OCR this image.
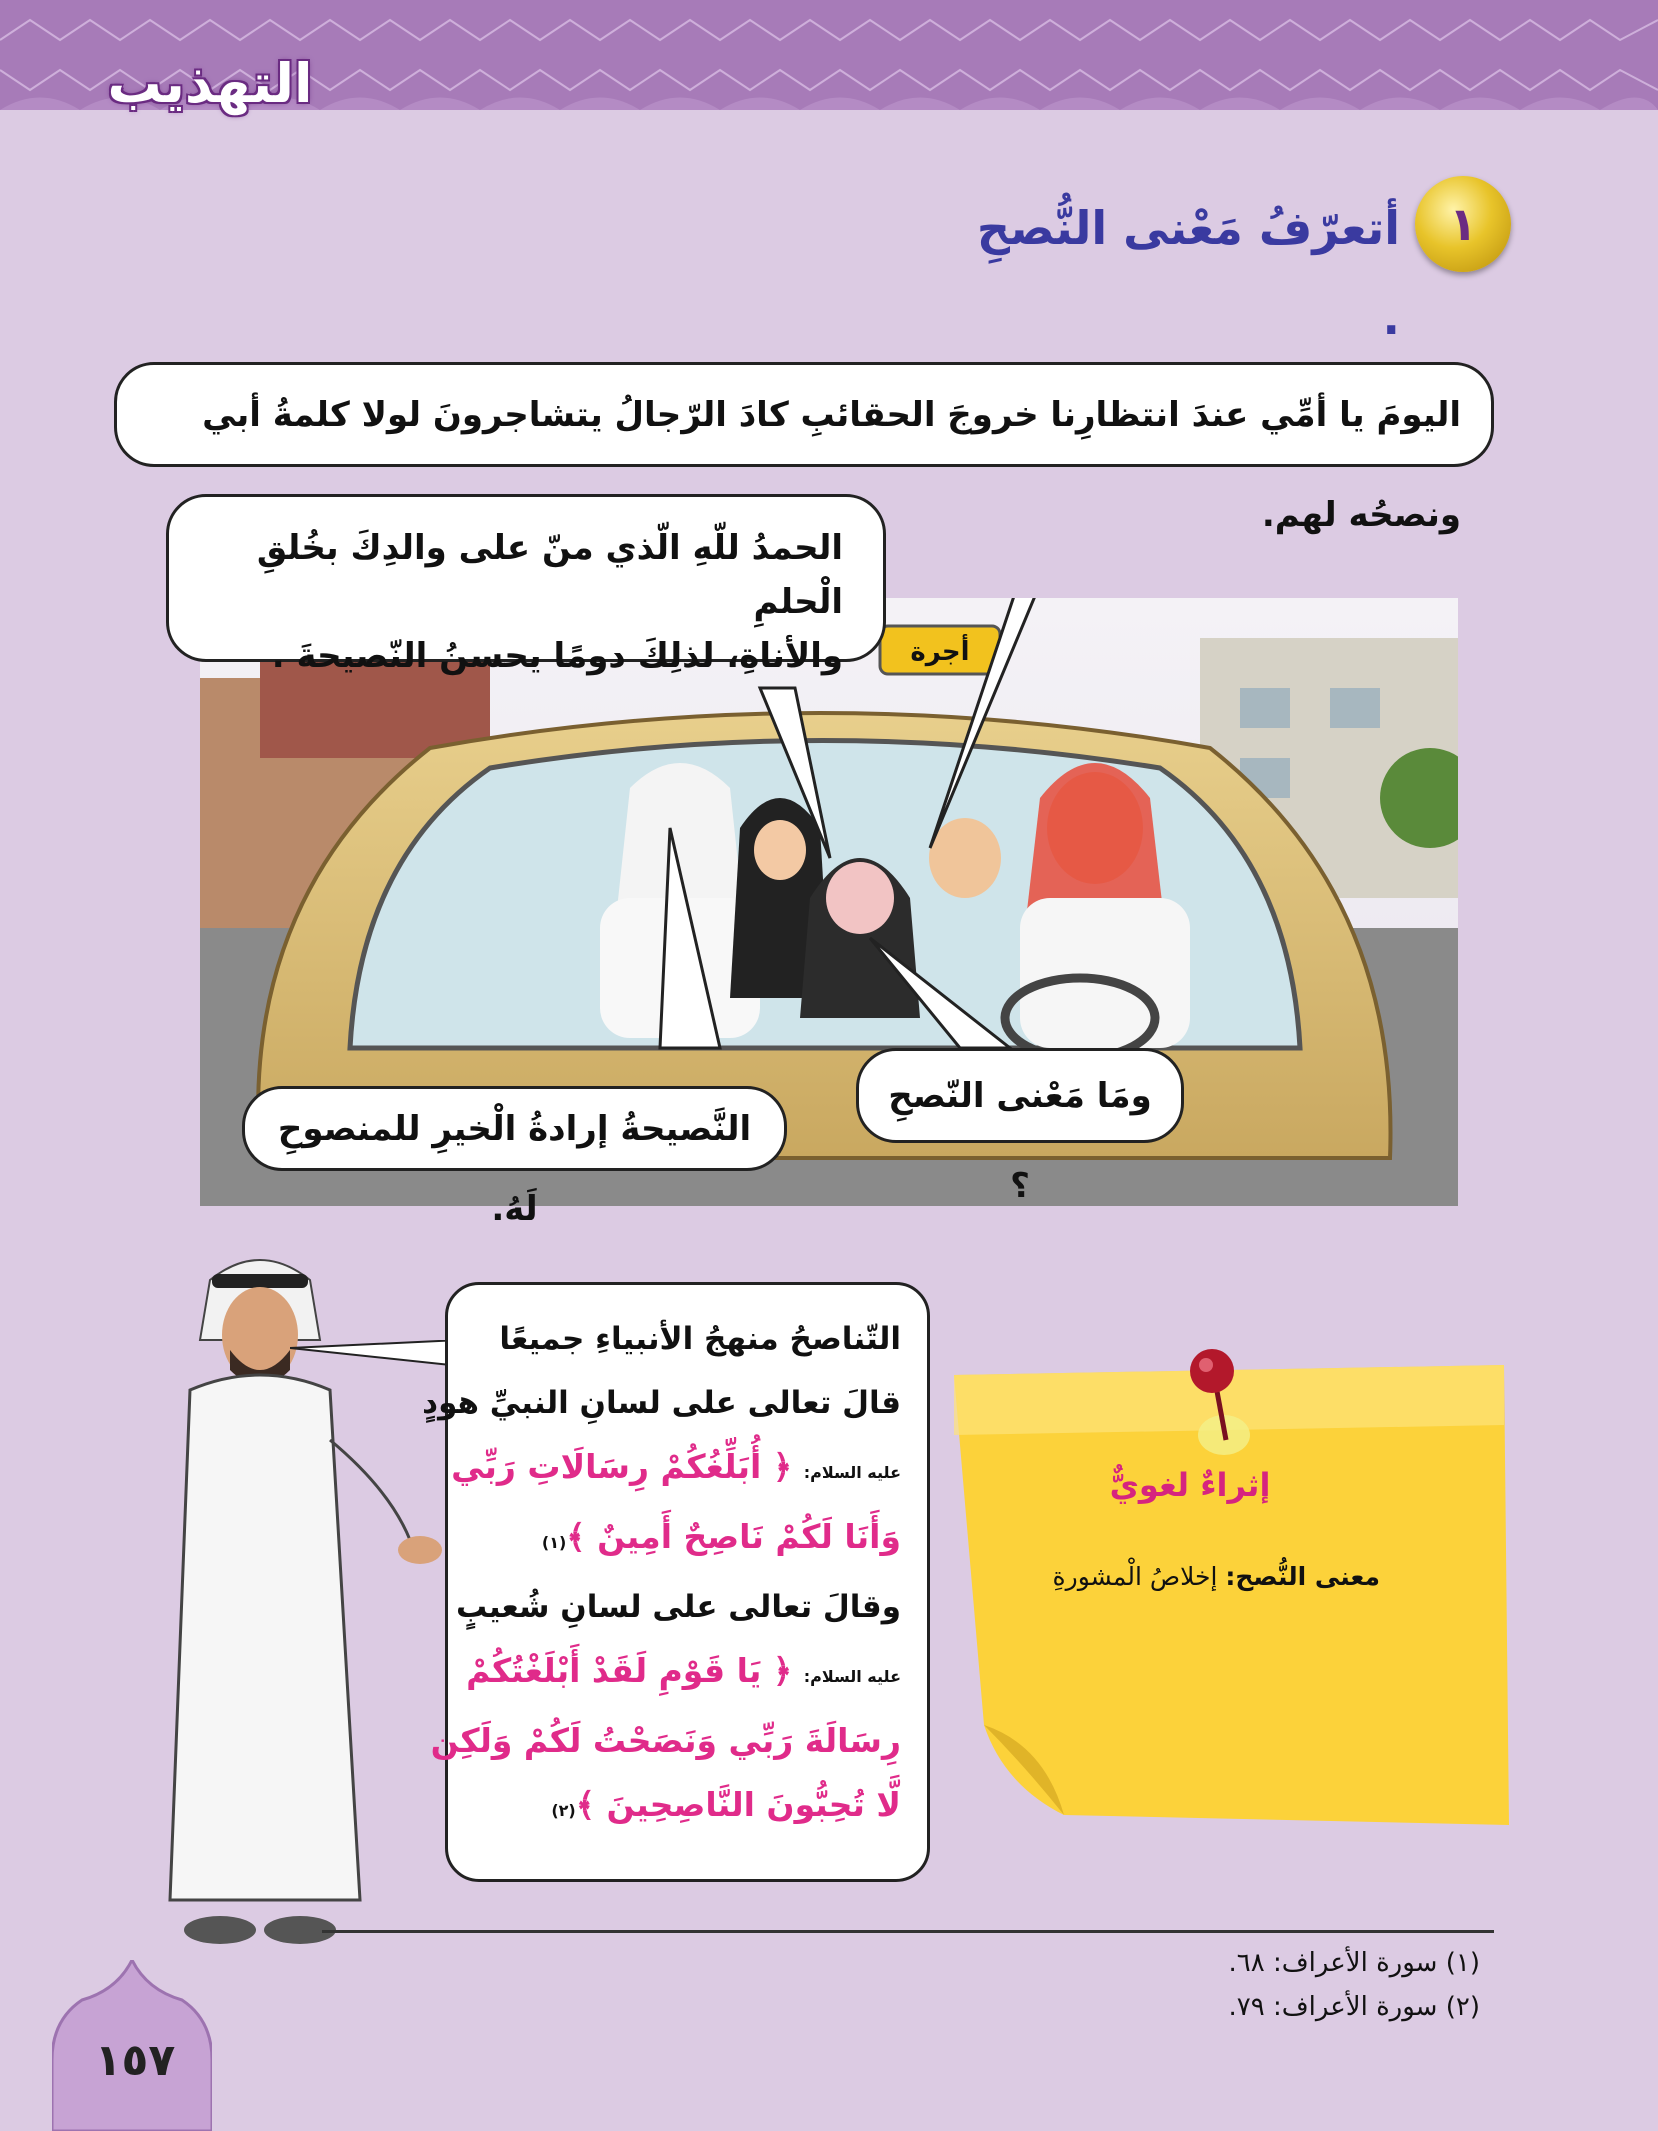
التهذيب
١
أتعرّفُ مَعْنى النُّصحِ .
أجرة
اليومَ يا أمِّي عندَ انتظارِنا خروجَ الحقائبِ كادَ الرّجالُ يتشاجرونَ لولا كلمةُ أبي ونصحُه لهم.
الحمدُ للّهِ الّذي منّ على والدِكَ بخُلقِ الْحلمِ
والأناةِ، لذلِكَ دومًا يحسنُ النّصيحةَ .
ومَا مَعْنى النّصحِ ؟
النَّصيحةُ إرادةُ الْخيرِ للمنصوحِ لَهُ.
التّناصحُ منهجُ الأنبياءِ جميعًا
قالَ تعالى على لسانِ النبيِّ هودٍ
عليه السلام: ﴿ أُبَلِّغُكُمْ رِسَالَاتِ رَبِّي
وَأَنَا لَكُمْ نَاصِحٌ أَمِينٌ ﴾(١)
وقالَ تعالى على لسانِ شُعيبٍ
عليه السلام: ﴿ يَا قَوْمِ لَقَدْ أَبْلَغْتُكُمْ
رِسَالَةَ رَبِّي وَنَصَحْتُ لَكُمْ وَلَكِن
لَّا تُحِبُّونَ النَّاصِحِينَ ﴾(٢)
إثراءٌ لغويٌّ
معنى النُّصح: إخلاصُ الْمشورةِ
(١) سورة الأعراف: ٦٨.
(٢) سورة الأعراف: ٧٩.
١٥٧
